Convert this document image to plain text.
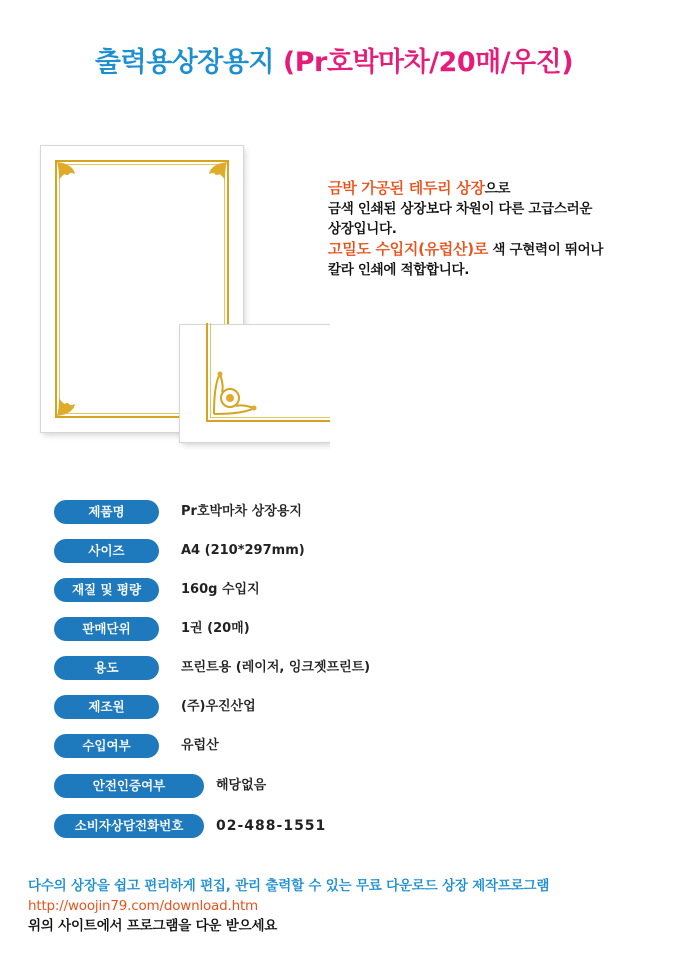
출력용상장용지 (Pr호박마차/20매/우진)
금박 가공된 테두리 상장으로
금색 인쇄된 상장보다 차원이 다른 고급스러운
상장입니다.
고밀도 수입지(유럽산)로 색 구현력이 뛰어나
칼라 인쇄에 적합합니다.
제품명	Pr호박마차 상장용지
사이즈	A4 (210*297mm)
재질 및 평량	160g 수입지
판매단위	1권 (20매)
용도	프린트용 (레이저, 잉크젯프린트)
제조원	(주)우진산업
수입여부	유럽산
안전인증여부	해당없음
소비자상담전화번호	02-488-1551
다수의 상장을 쉽고 편리하게 편집, 관리 출력할 수 있는 무료 다운로드 상장 제작프로그램
http://woojin79.com/download.htm
위의 사이트에서 프로그램을 다운 받으세요
